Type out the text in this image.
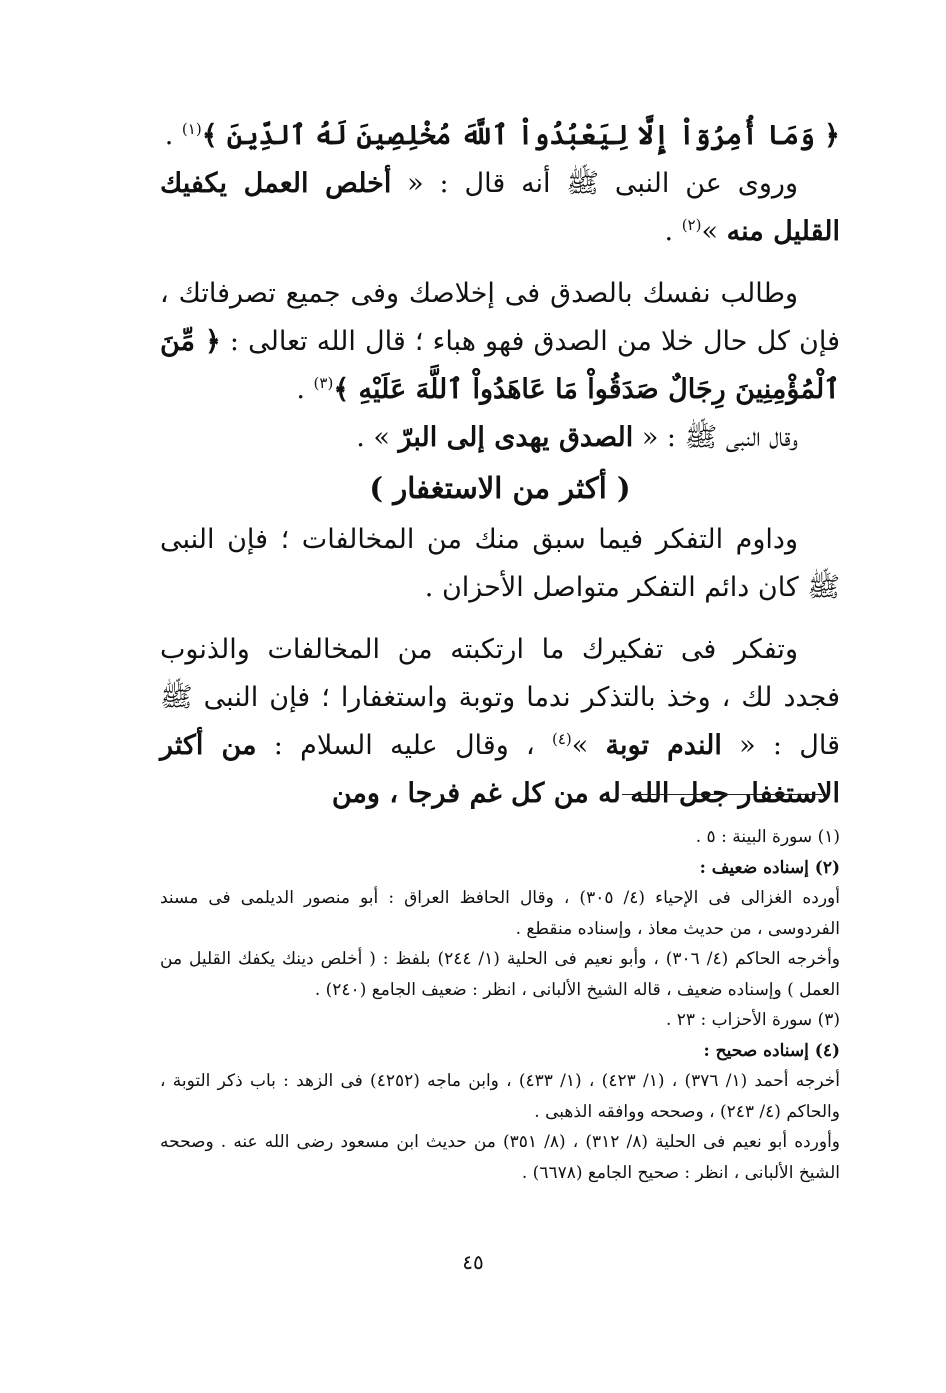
﴿ وَمَا أُمِرُوٓاْ إِلَّا لِيَعْبُدُواْ ٱللَّهَ مُخْلِصِينَ لَهُ ٱلدِّينَ ﴾$^{(١)}$ .

وروى عن النبى ﷺ أنه قال : « أخلص العمل يكفيك القليل منه »$^{(٢)}$ .

وطالب نفسك بالصدق فى إخلاصك وفى جميع تصرفاتك ، فإن كل حال خلا من الصدق فهو هباء ؛ قال الله تعالى : ﴿ مِّنَ ٱلْمُؤْمِنِينَ رِجَالٌ صَدَقُواْ مَا عَاهَدُواْ ٱللَّهَ عَلَيْهِ ﴾$^{(٣)}$ .

وقال النبى ﷺ : « الصدق يهدى إلى البرّ » .

( أكثر من الاستغفار )

وداوم التفكر فيما سبق منك من المخالفات ؛ فإن النبى ﷺ كان دائم التفكر متواصل الأحزان .

وتفكر فى تفكيرك ما ارتكبته من المخالفات والذنوب فجدد لك ، وخذ بالتذكر ندما وتوبة واستغفارا ؛ فإن النبى ﷺ قال : « الندم توبة »$^{(٤)}$ ، وقال عليه السلام : من أكثر الاستغفار جعل الله له من كل غم فرجا ، ومن

(١) سورة البينة : ٥ .

(٢) إسناده ضعيف :

أورده الغزالى فى الإحياء (٤/ ٣٠٥) ، وقال الحافظ العراق : أبو منصور الديلمى فى مسند الفردوسى ، من حديث معاذ ، وإسناده منقطع .

وأخرجه الحاكم (٤/ ٣٠٦) ، وأبو نعيم فى الحلية (١/ ٢٤٤) بلفظ : ( أخلص دينك يكفك القليل من العمل ) وإسناده ضعيف ، قاله الشيخ الألبانى ، انظر : ضعيف الجامع (٢٤٠) .

(٣) سورة الأحزاب : ٢٣ .

(٤) إسناده صحيح :

أخرجه أحمد (١/ ٣٧٦) ، (١/ ٤٢٣) ، (١/ ٤٣٣) ، وابن ماجه (٤٢٥٢) فى الزهد : باب ذكر التوبة ، والحاكم (٤/ ٢٤٣) ، وصححه ووافقه الذهبى .

وأورده أبو نعيم فى الحلية (٨/ ٣١٢) ، (٨/ ٣٥١) من حديث ابن مسعود رضى الله عنه . وصححه الشيخ الألبانى ، انظر : صحيح الجامع (٦٦٧٨) .

٤٥
